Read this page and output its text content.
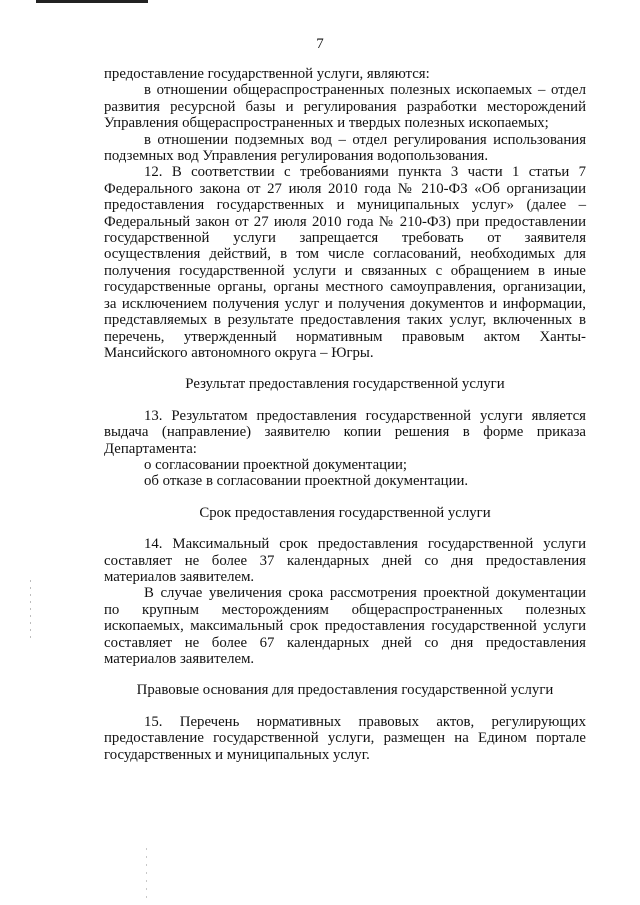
7

предоставление государственной услуги, являются:

в отношении общераспространенных полезных ископаемых – отдел развития ресурсной базы и регулирования разработки месторождений Управления общераспространенных и твердых полезных ископаемых;

в отношении подземных вод – отдел регулирования использования подземных вод Управления регулирования водопользования.

12. В соответствии с требованиями пункта 3 части 1 статьи 7 Федерального закона от 27 июля 2010 года № 210-ФЗ «Об организации предоставления государственных и муниципальных услуг» (далее – Федеральный закон от 27 июля 2010 года № 210-ФЗ) при предоставлении государственной услуги запрещается требовать от заявителя осуществления действий, в том числе согласований, необходимых для получения государственной услуги и связанных с обращением в иные государственные органы, органы местного самоуправления, организации, за исключением получения услуг и получения документов и информации, представляемых в результате предоставления таких услуг, включенных в перечень, утвержденный нормативным правовым актом Ханты-Мансийского автономного округа – Югры.

Результат предоставления государственной услуги

13. Результатом предоставления государственной услуги является выдача (направление) заявителю копии решения в форме приказа Департамента:

о согласовании проектной документации;

об отказе в согласовании проектной документации.

Срок предоставления государственной услуги

14. Максимальный срок предоставления государственной услуги составляет не более 37 календарных дней со дня предоставления материалов заявителем.

В случае увеличения срока рассмотрения проектной документации по крупным месторождениям общераспространенных полезных ископаемых, максимальный срок предоставления государственной услуги составляет не более 67 календарных дней со дня предоставления материалов заявителем.

Правовые основания для предоставления государственной услуги

15. Перечень нормативных правовых актов, регулирующих предоставление государственной услуги, размещен на Едином портале государственных и муниципальных услуг.
